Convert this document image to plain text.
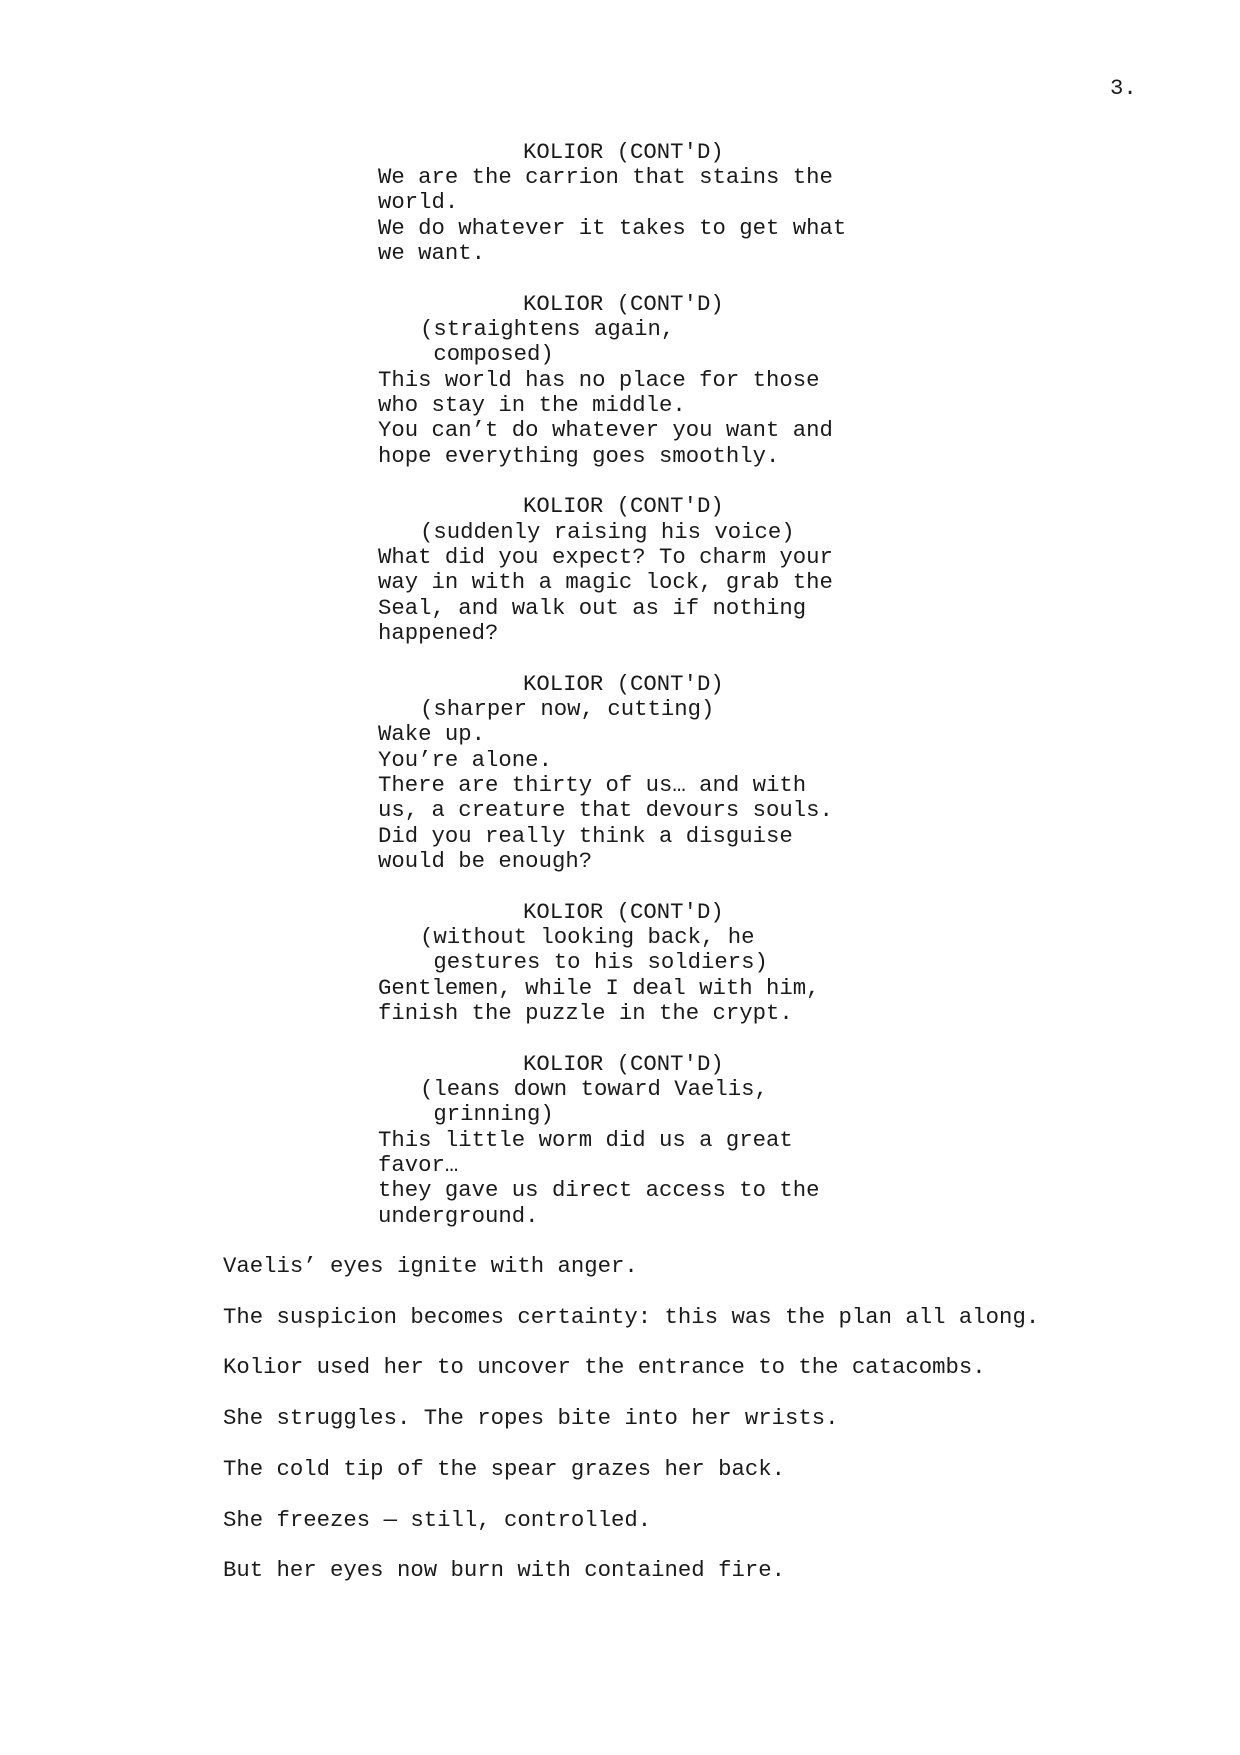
3.
KOLIOR (CONT'D)
We are the carrion that stains the
world.
We do whatever it takes to get what
we want.
KOLIOR (CONT'D)
(straightens again,
composed)
This world has no place for those
who stay in the middle.
You can’t do whatever you want and
hope everything goes smoothly.
KOLIOR (CONT'D)
(suddenly raising his voice)
What did you expect? To charm your
way in with a magic lock, grab the
Seal, and walk out as if nothing
happened?
KOLIOR (CONT'D)
(sharper now, cutting)
Wake up.
You’re alone.
There are thirty of us… and with
us, a creature that devours souls.
Did you really think a disguise
would be enough?
KOLIOR (CONT'D)
(without looking back, he
gestures to his soldiers)
Gentlemen, while I deal with him,
finish the puzzle in the crypt.
KOLIOR (CONT'D)
(leans down toward Vaelis,
grinning)
This little worm did us a great
favor…
they gave us direct access to the
underground.
Vaelis’ eyes ignite with anger.
The suspicion becomes certainty: this was the plan all along.
Kolior used her to uncover the entrance to the catacombs.
She struggles. The ropes bite into her wrists.
The cold tip of the spear grazes her back.
She freezes — still, controlled.
But her eyes now burn with contained fire.
